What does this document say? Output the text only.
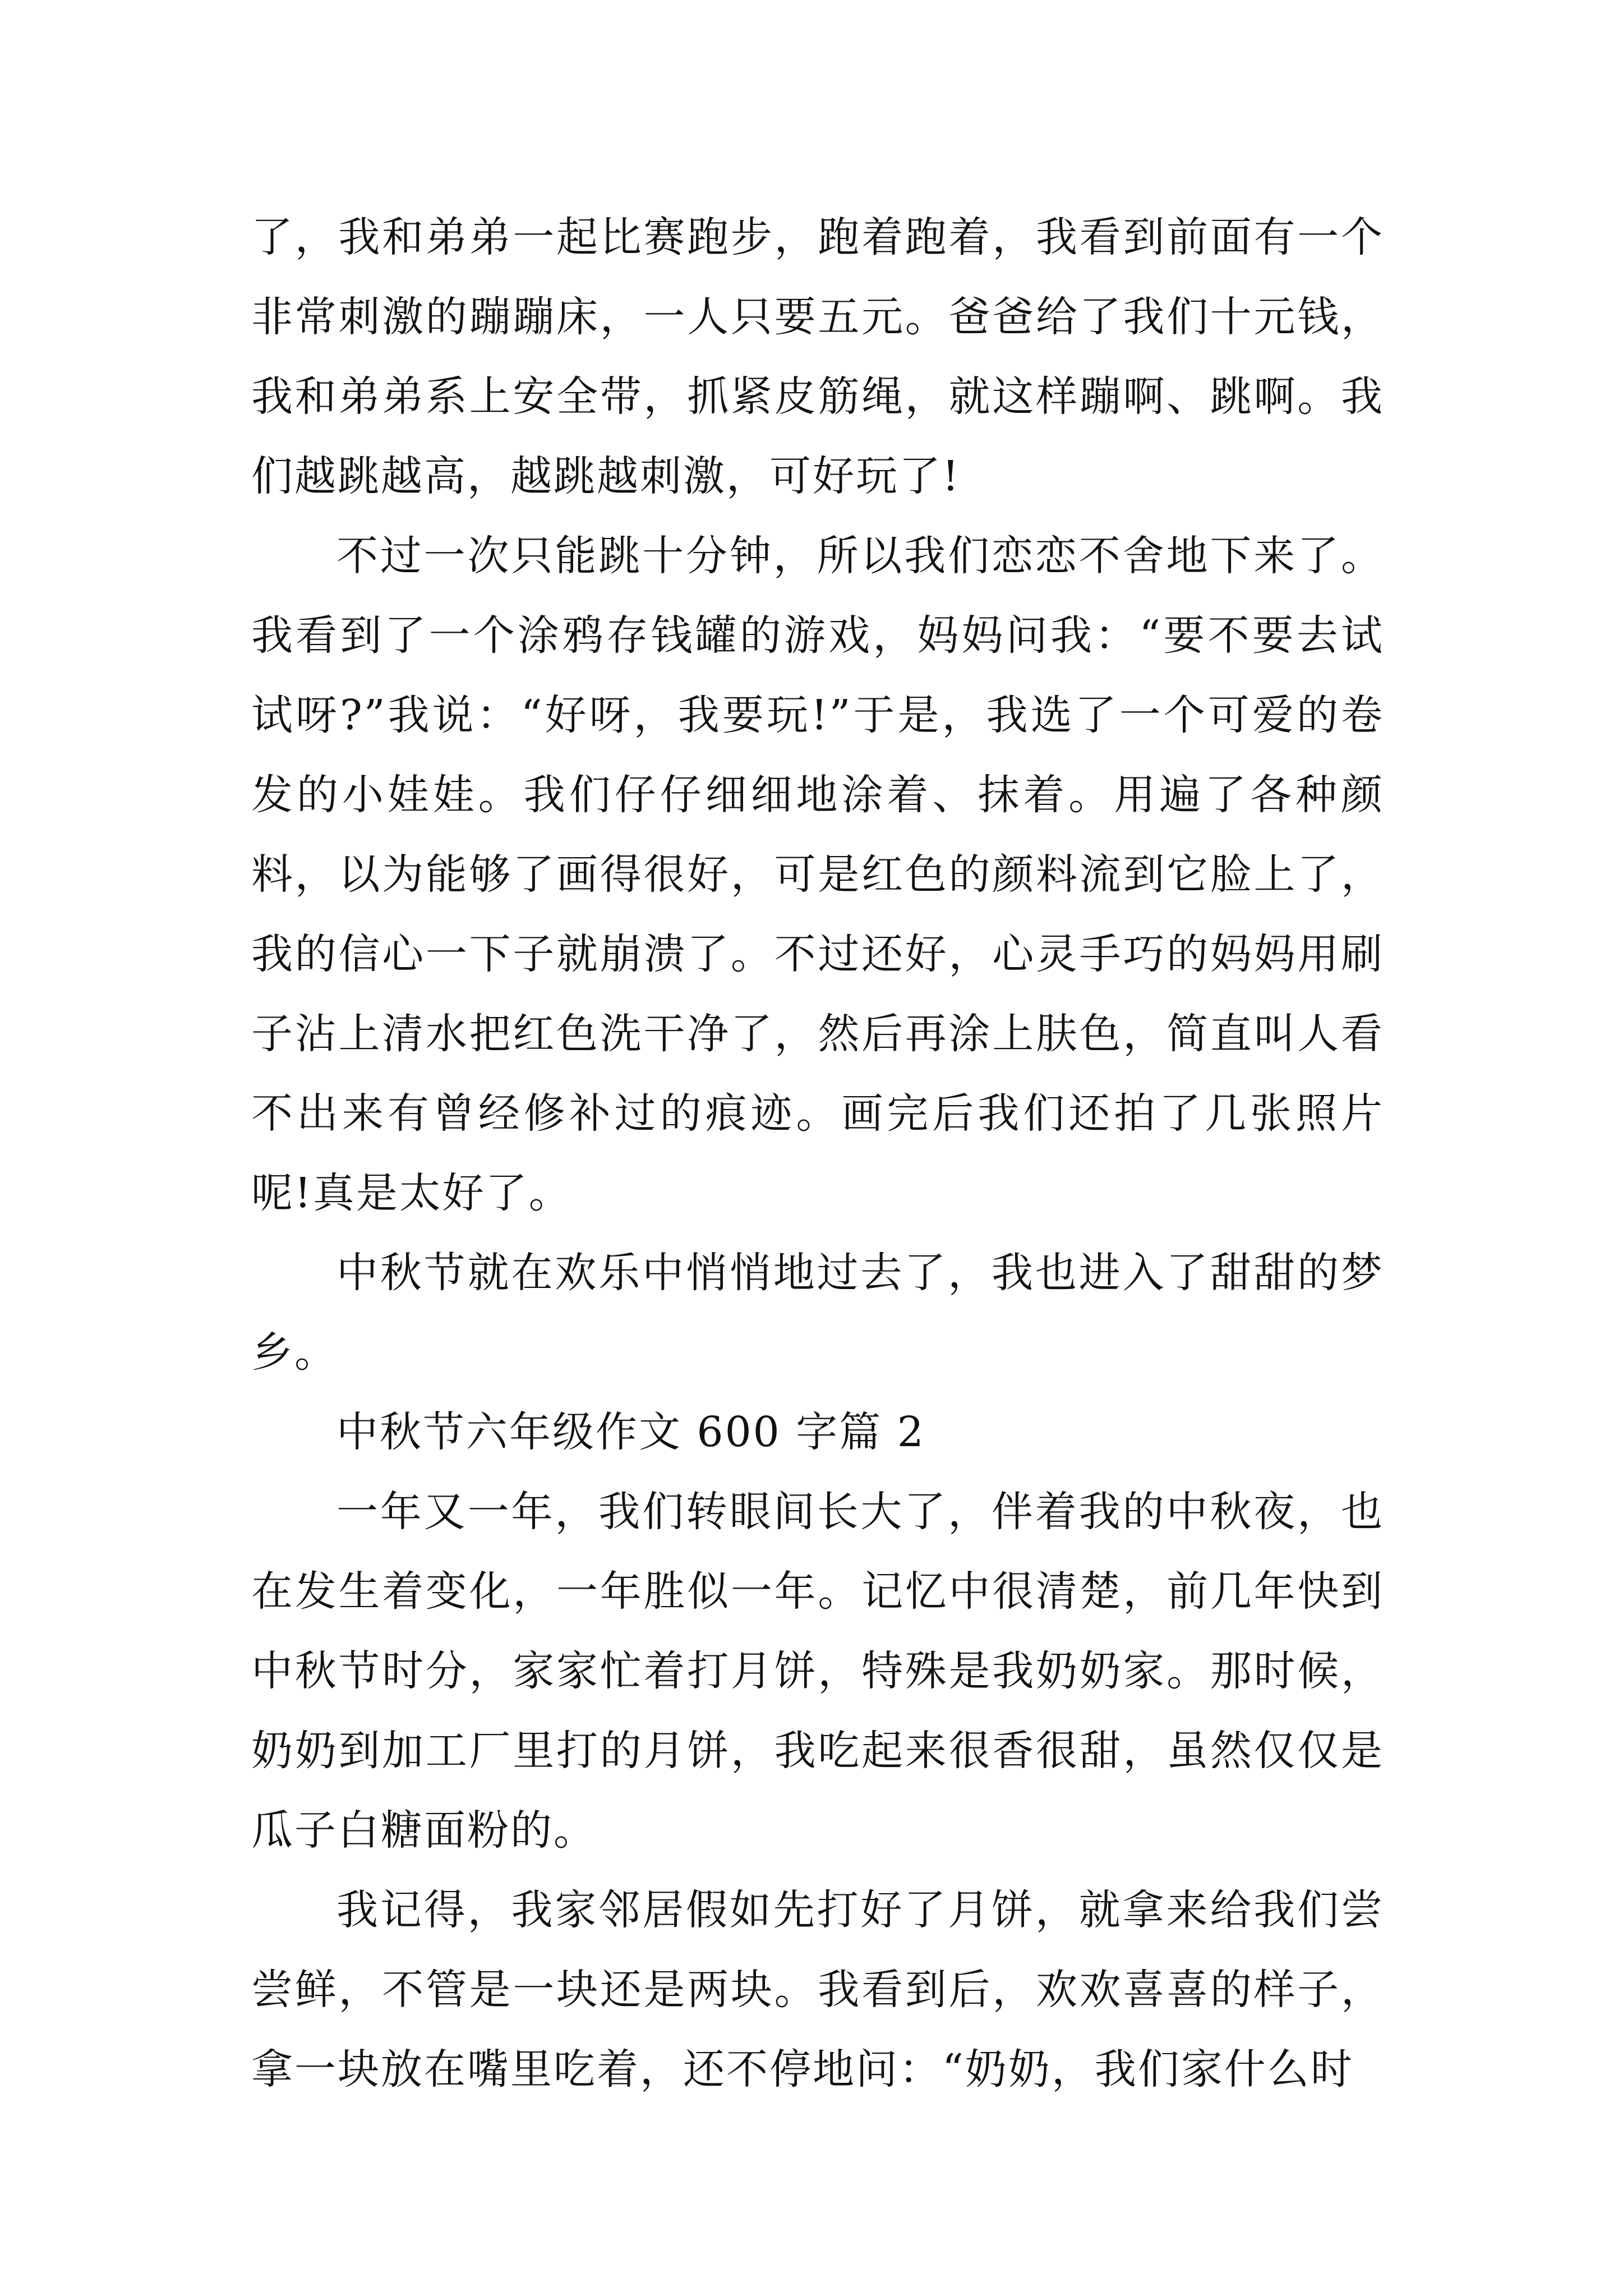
了，我和弟弟一起比赛跑步，跑着跑着，我看到前面有一个非常刺激的蹦蹦床，一人只要五元。爸爸给了我们十元钱，我和弟弟系上安全带，抓紧皮筋绳，就这样蹦啊、跳啊。我们越跳越高，越跳越刺激，可好玩了!

不过一次只能跳十分钟，所以我们恋恋不舍地下来了。我看到了一个涂鸦存钱罐的游戏，妈妈问我：“要不要去试试呀?”我说：“好呀，我要玩!”于是，我选了一个可爱的卷发的小娃娃。我们仔仔细细地涂着、抹着。用遍了各种颜料，以为能够了画得很好，可是红色的颜料流到它脸上了，我的信心一下子就崩溃了。不过还好，心灵手巧的妈妈用刷子沾上清水把红色洗干净了，然后再涂上肤色，简直叫人看不出来有曾经修补过的痕迹。画完后我们还拍了几张照片呢!真是太好了。

中秋节就在欢乐中悄悄地过去了，我也进入了甜甜的梦乡。

中秋节六年级作文 600 字篇 2

一年又一年，我们转眼间长大了，伴着我的中秋夜，也在发生着变化，一年胜似一年。记忆中很清楚，前几年快到中秋节时分，家家忙着打月饼，特殊是我奶奶家。那时候，奶奶到加工厂里打的月饼，我吃起来很香很甜，虽然仅仅是瓜子白糖面粉的。

我记得，我家邻居假如先打好了月饼，就拿来给我们尝尝鲜，不管是一块还是两块。我看到后，欢欢喜喜的样子，拿一块放在嘴里吃着，还不停地问：“奶奶，我们家什么时
